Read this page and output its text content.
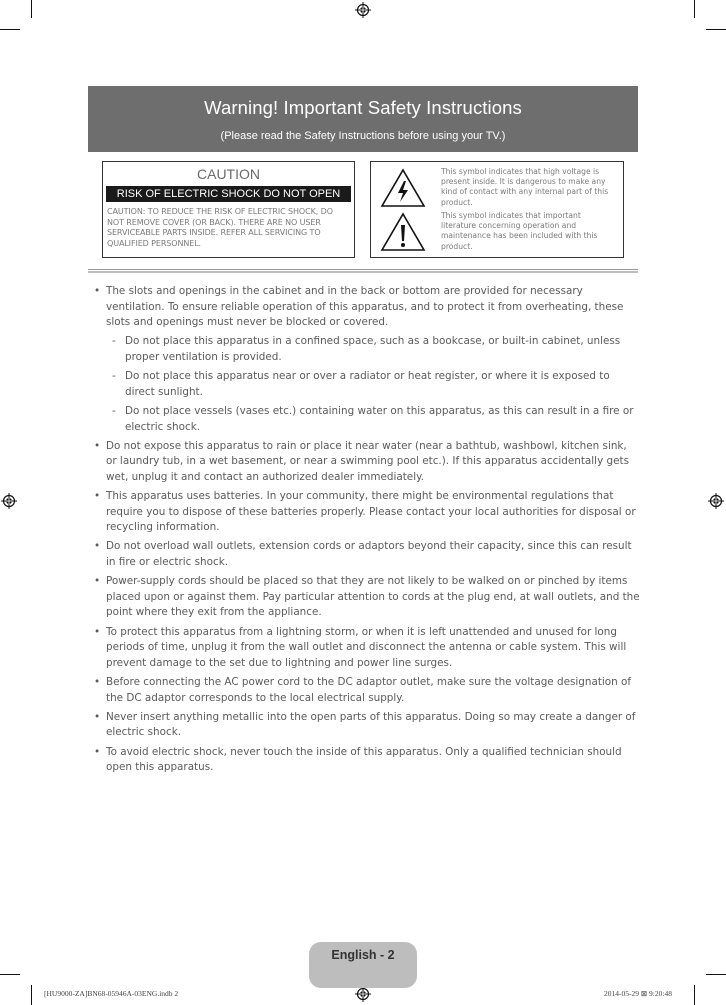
Warning! Important Safety Instructions
(Please read the Safety Instructions before using your TV.)
CAUTION
RISK OF ELECTRIC SHOCK DO NOT OPEN
CAUTION: TO REDUCE THE RISK OF ELECTRIC SHOCK, DO NOT REMOVE COVER (OR BACK). THERE ARE NO USER SERVICEABLE PARTS INSIDE. REFER ALL SERVICING TO QUALIFIED PERSONNEL.
This symbol indicates that high voltage is present inside. It is dangerous to make any kind of contact with any internal part of this product.
This symbol indicates that important literature concerning operation and maintenance has been included with this product.
• The slots and openings in the cabinet and in the back or bottom are provided for necessary ventilation. To ensure reliable operation of this apparatus, and to protect it from overheating, these slots and openings must never be blocked or covered.
- Do not place this apparatus in a confined space, such as a bookcase, or built-in cabinet, unless proper ventilation is provided.
- Do not place this apparatus near or over a radiator or heat register, or where it is exposed to direct sunlight.
- Do not place vessels (vases etc.) containing water on this apparatus, as this can result in a fire or electric shock.
• Do not expose this apparatus to rain or place it near water (near a bathtub, washbowl, kitchen sink, or laundry tub, in a wet basement, or near a swimming pool etc.). If this apparatus accidentally gets wet, unplug it and contact an authorized dealer immediately.
• This apparatus uses batteries. In your community, there might be environmental regulations that require you to dispose of these batteries properly. Please contact your local authorities for disposal or recycling information.
• Do not overload wall outlets, extension cords or adaptors beyond their capacity, since this can result in fire or electric shock.
• Power-supply cords should be placed so that they are not likely to be walked on or pinched by items placed upon or against them. Pay particular attention to cords at the plug end, at wall outlets, and the point where they exit from the appliance.
• To protect this apparatus from a lightning storm, or when it is left unattended and unused for long periods of time, unplug it from the wall outlet and disconnect the antenna or cable system. This will prevent damage to the set due to lightning and power line surges.
• Before connecting the AC power cord to the DC adaptor outlet, make sure the voltage designation of the DC adaptor corresponds to the local electrical supply.
• Never insert anything metallic into the open parts of this apparatus. Doing so may create a danger of electric shock.
• To avoid electric shock, never touch the inside of this apparatus. Only a qualified technician should open this apparatus.
English - 2
[HU9000-ZA]BN68-05946A-03ENG.indb 2	2014-05-29 ⊠ 9:20:48
